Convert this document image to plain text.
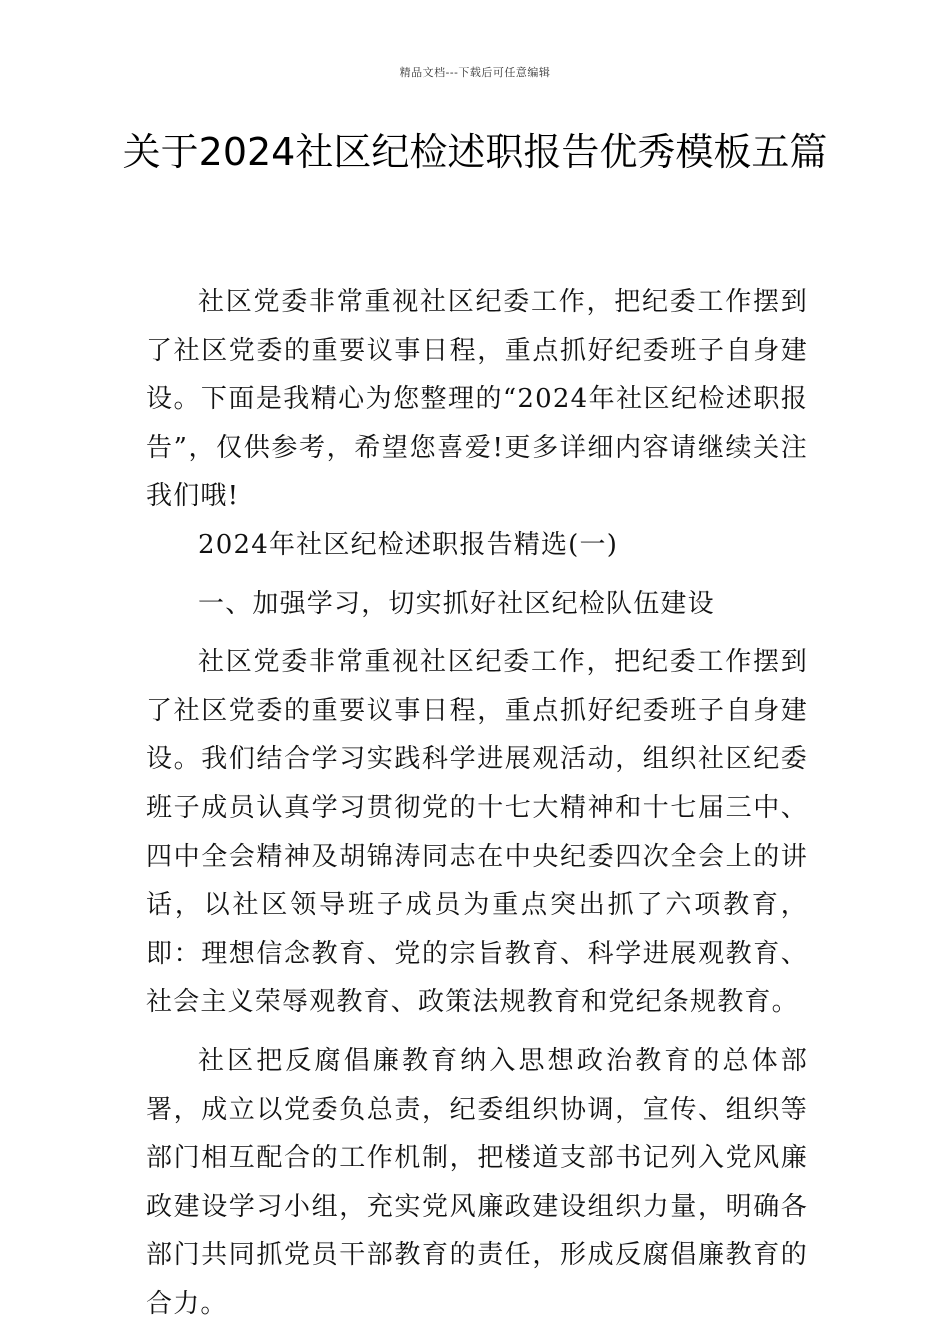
精品文档---下载后可任意编辑
关于2024社区纪检述职报告优秀模板五篇

社区党委非常重视社区纪委工作，把纪委工作摆到了社区党委的重要议事日程，重点抓好纪委班子自身建设。下面是我精心为您整理的“2024年社区纪检述职报告”，仅供参考，希望您喜爱!更多详细内容请继续关注我们哦!

2024年社区纪检述职报告精选(一)

一、加强学习，切实抓好社区纪检队伍建设

社区党委非常重视社区纪委工作，把纪委工作摆到了社区党委的重要议事日程，重点抓好纪委班子自身建设。我们结合学习实践科学进展观活动，组织社区纪委班子成员认真学习贯彻党的十七大精神和十七届三中、四中全会精神及胡锦涛同志在中央纪委四次全会上的讲话，以社区领导班子成员为重点突出抓了六项教育，即：理想信念教育、党的宗旨教育、科学进展观教育、社会主义荣辱观教育、政策法规教育和党纪条规教育。

社区把反腐倡廉教育纳入思想政治教育的总体部署，成立以党委负总责，纪委组织协调，宣传、组织等部门相互配合的工作机制，把楼道支部书记列入党风廉政建设学习小组，充实党风廉政建设组织力量，明确各部门共同抓党员干部教育的责任，形成反腐倡廉教育的合力。
